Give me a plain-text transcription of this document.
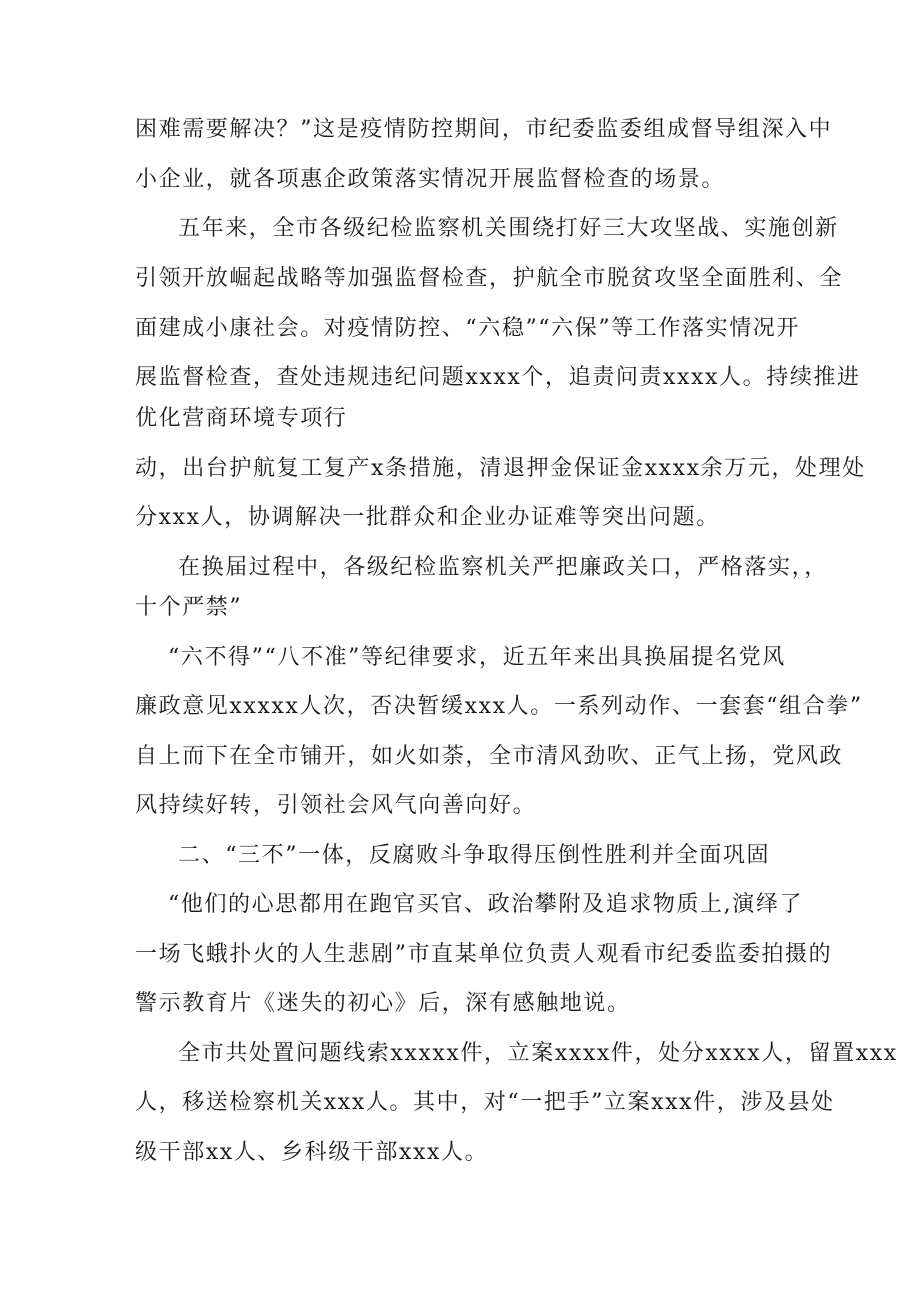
困难需要解决？”这是疫情防控期间，市纪委监委组成督导组深入中
小企业，就各项惠企政策落实情况开展监督检查的场景。
五年来，全市各级纪检监察机关围绕打好三大攻坚战、实施创新
引领开放崛起战略等加强监督检查，护航全市脱贫攻坚全面胜利、全
面建成小康社会。对疫情防控、“六稳”“六保”等工作落实情况开
展监督检查，查处违规违纪问题xxxx个，追责问责xxxx人。持续推进
优化营商环境专项行
动，出台护航复工复产x条措施，清退押金保证金xxxx余万元，处理处
分xxx人，协调解决一批群众和企业办证难等突出问题。
在换届过程中，各级纪检监察机关严把廉政关口，严格落实，，
十个严禁”
“六不得”“八不准”等纪律要求，近五年来出具换届提名党风
廉政意见xxxxx人次，否决暂缓xxx人。一系列动作、一套套“组合拳”
自上而下在全市铺开，如火如荼，全市清风劲吹、正气上扬，党风政
风持续好转，引领社会风气向善向好。
二、“三不”一体，反腐败斗争取得压倒性胜利并全面巩固
“他们的心思都用在跑官买官、政治攀附及追求物质上,演绎了
一场飞蛾扑火的人生悲剧”市直某单位负责人观看市纪委监委拍摄的
警示教育片《迷失的初心》后，深有感触地说。
全市共处置问题线索xxxxx件，立案xxxx件，处分xxxx人，留置xxx
人，移送检察机关xxx人。其中，对“一把手”立案xxx件，涉及县处
级干部xx人、乡科级干部xxx人。
